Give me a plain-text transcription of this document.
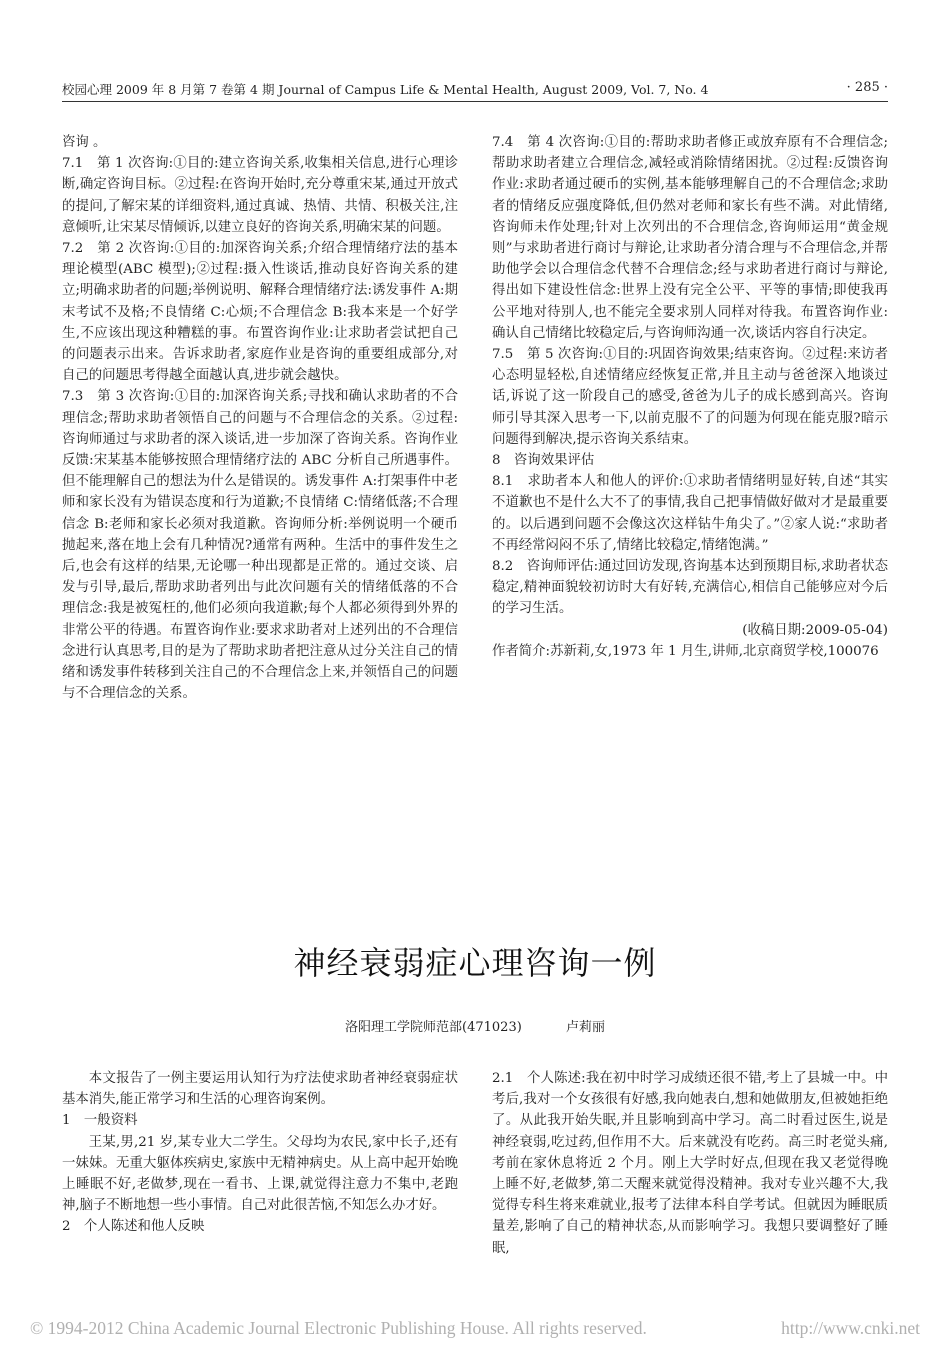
校园心理 2009 年 8 月第 7 卷第 4 期 Journal of Campus Life & Mental Health, August 2009, Vol. 7, No. 4	· 285 ·

咨询 。

7.1　第 1 次咨询:①目的:建立咨询关系,收集相关信息,进行心理诊断,确定咨询目标。②过程:在咨询开始时,充分尊重宋某,通过开放式的提问,了解宋某的详细资料,通过真诚、热情、共情、积极关注,注意倾听,让宋某尽情倾诉,以建立良好的咨询关系,明确宋某的问题。

7.2　第 2 次咨询:①目的:加深咨询关系;介绍合理情绪疗法的基本理论模型(ABC 模型);②过程:摄入性谈话,推动良好咨询关系的建立;明确求助者的问题;举例说明、解释合理情绪疗法:诱发事件 A:期末考试不及格;不良情绪 C:心烦;不合理信念 B:我本来是一个好学生,不应该出现这种糟糕的事。布置咨询作业:让求助者尝试把自己的问题表示出来。告诉求助者,家庭作业是咨询的重要组成部分,对自己的问题思考得越全面越认真,进步就会越快。

7.3　第 3 次咨询:①目的:加深咨询关系;寻找和确认求助者的不合理信念;帮助求助者领悟自己的问题与不合理信念的关系。②过程:咨询师通过与求助者的深入谈话,进一步加深了咨询关系。咨询作业反馈:宋某基本能够按照合理情绪疗法的 ABC 分析自己所遇事件。但不能理解自己的想法为什么是错误的。诱发事件 A:打架事件中老师和家长没有为错误态度和行为道歉;不良情绪 C:情绪低落;不合理信念 B:老师和家长必须对我道歉。咨询师分析:举例说明一个硬币抛起来,落在地上会有几种情况?通常有两种。生活中的事件发生之后,也会有这样的结果,无论哪一种出现都是正常的。通过交谈、启发与引导,最后,帮助求助者列出与此次问题有关的情绪低落的不合理信念:我是被冤枉的,他们必须向我道歉;每个人都必须得到外界的非常公平的待遇。布置咨询作业:要求求助者对上述列出的不合理信念进行认真思考,目的是为了帮助求助者把注意从过分关注自己的情绪和诱发事件转移到关注自己的不合理信念上来,并领悟自己的问题与不合理信念的关系。

7.4　第 4 次咨询:①目的:帮助求助者修正或放弃原有不合理信念;帮助求助者建立合理信念,减轻或消除情绪困扰。②过程:反馈咨询作业:求助者通过硬币的实例,基本能够理解自己的不合理信念;求助者的情绪反应强度降低,但仍然对老师和家长有些不满。对此情绪,咨询师未作处理;针对上次列出的不合理信念,咨询师运用“黄金规则”与求助者进行商讨与辩论,让求助者分清合理与不合理信念,并帮助他学会以合理信念代替不合理信念;经与求助者进行商讨与辩论,得出如下建设性信念:世界上没有完全公平、平等的事情;即使我再公平地对待别人,也不能完全要求别人同样对待我。布置咨询作业:确认自己情绪比较稳定后,与咨询师沟通一次,谈话内容自行决定。

7.5　第 5 次咨询:①目的:巩固咨询效果;结束咨询。②过程:来访者心态明显轻松,自述情绪应经恢复正常,并且主动与爸爸深入地谈过话,诉说了这一阶段自己的感受,爸爸为儿子的成长感到高兴。咨询师引导其深入思考一下,以前克服不了的问题为何现在能克服?暗示问题得到解决,提示咨询关系结束。

8　咨询效果评估

8.1　求助者本人和他人的评价:①求助者情绪明显好转,自述“其实不道歉也不是什么大不了的事情,我自己把事情做好做对才是最重要的。以后遇到问题不会像这次这样钻牛角尖了。”②家人说:“求助者不再经常闷闷不乐了,情绪比较稳定,情绪饱满。”

8.2　咨询师评估:通过回访发现,咨询基本达到预期目标,求助者状态稳定,精神面貌较初访时大有好转,充满信心,相信自己能够应对今后的学习生活。

(收稿日期:2009-05-04)

作者简介:苏新莉,女,1973 年 1 月生,讲师,北京商贸学校,100076

神经衰弱症心理咨询一例
洛阳理工学院师范部(471023)	卢莉丽

本文报告了一例主要运用认知行为疗法使求助者神经衰弱症状基本消失,能正常学习和生活的心理咨询案例。

1　一般资料

王某,男,21 岁,某专业大二学生。父母均为农民,家中长子,还有一妹妹。无重大躯体疾病史,家族中无精神病史。从上高中起开始晚上睡眠不好,老做梦,现在一看书、上课,就觉得注意力不集中,老跑神,脑子不断地想一些小事情。自己对此很苦恼,不知怎么办才好。

2　个人陈述和他人反映

2.1　个人陈述:我在初中时学习成绩还很不错,考上了县城一中。中考后,我对一个女孩很有好感,我向她表白,想和她做朋友,但被她拒绝了。从此我开始失眠,并且影响到高中学习。高二时看过医生,说是神经衰弱,吃过药,但作用不大。后来就没有吃药。高三时老觉头痛,考前在家休息将近 2 个月。刚上大学时好点,但现在我又老觉得晚上睡不好,老做梦,第二天醒来就觉得没精神。我对专业兴趣不大,我觉得专科生将来难就业,报考了法律本科自学考试。但就因为睡眠质量差,影响了自己的精神状态,从而影响学习。我想只要调整好了睡眠,

© 1994-2012 China Academic Journal Electronic Publishing House. All rights reserved.	http://www.cnki.net
